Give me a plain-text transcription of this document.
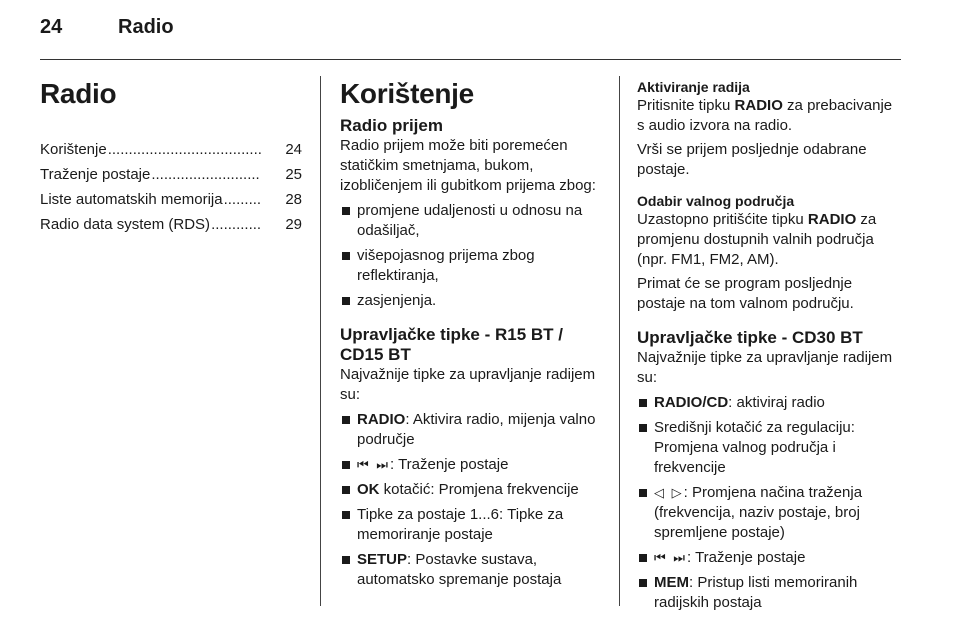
24	Radio
Radio
Korištenje .....................................	24
Traženje postaje ..........................	25
Liste automatskih memorija .........	28
Radio data system (RDS) ............	29
Korištenje
Radio prijem

Radio prijem može biti poremećen statičkim smetnjama, bukom, izobličenjem ili gubitkom prijema zbog:

promjene udaljenosti u odnosu na odašiljač,
višepojasnog prijema zbog reflektiranja,
zasjenjenja.
Upravljačke tipke - R15 BT / CD15 BT

Najvažnije tipke za upravljanje radijem su:

RADIO: Aktivira radio, mijenja valno područje
⏮ ⏭: Traženje postaje
OK kotačić: Promjena frekvencije
Tipke za postaje 1...6: Tipke za memoriranje postaje
SETUP: Postavke sustava, automatsko spremanje postaja
Aktiviranje radija

Pritisnite tipku RADIO za prebacivanje s audio izvora na radio.

Vrši se prijem posljednje odabrane postaje.

Odabir valnog područja

Uzastopno pritišćite tipku RADIO za promjenu dostupnih valnih područja (npr. FM1, FM2, AM).

Primat će se program posljednje postaje na tom valnom području.

Upravljačke tipke - CD30 BT

Najvažnije tipke za upravljanje radijem su:

RADIO/CD: aktiviraj radio
Središnji kotačić za regulaciju: Promjena valnog područja i frekvencije
◁ ▷: Promjena načina traženja (frekvencija, naziv postaje, broj spremljene postaje)
⏮ ⏭: Traženje postaje
MEM: Pristup listi memoriranih radijskih postaja
